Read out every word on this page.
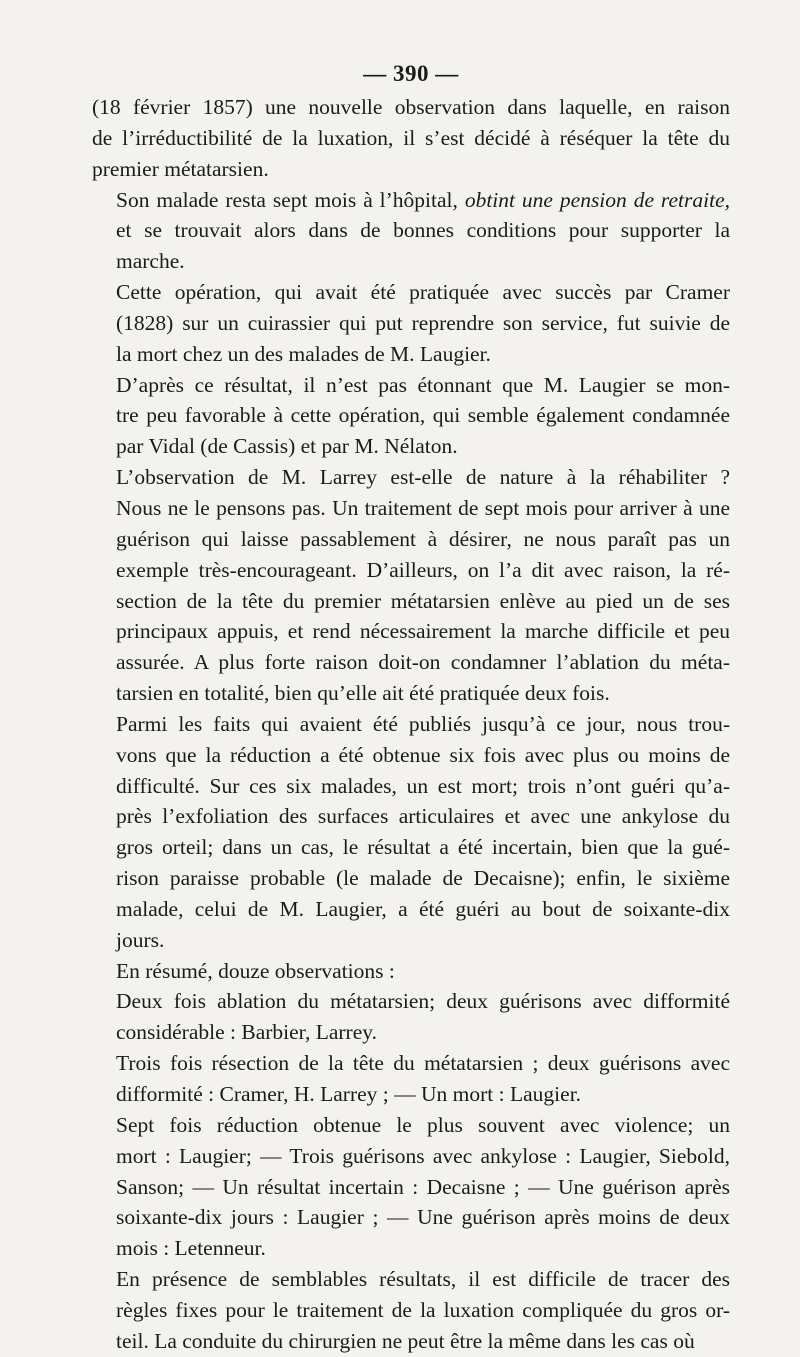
— 390 —

(18 février 1857) une nouvelle observation dans laquelle, en raison
de l’irréductibilité de la luxation, il s’est décidé à réséquer la tête du
premier métatarsien.

Son malade resta sept mois à l’hôpital, obtint une pension de retraite,
et se trouvait alors dans de bonnes conditions pour supporter la
marche.

Cette opération, qui avait été pratiquée avec succès par Cramer
(1828) sur un cuirassier qui put reprendre son service, fut suivie de
la mort chez un des malades de M. Laugier.

D’après ce résultat, il n’est pas étonnant que M. Laugier se mon-
tre peu favorable à cette opération, qui semble également condamnée
par Vidal (de Cassis) et par M. Nélaton.

L’observation de M. Larrey est-elle de nature à la réhabiliter ?
Nous ne le pensons pas. Un traitement de sept mois pour arriver à une
guérison qui laisse passablement à désirer, ne nous paraît pas un
exemple très-encourageant. D’ailleurs, on l’a dit avec raison, la ré-
section de la tête du premier métatarsien enlève au pied un de ses
principaux appuis, et rend nécessairement la marche difficile et peu
assurée. A plus forte raison doit-on condamner l’ablation du méta-
tarsien en totalité, bien qu’elle ait été pratiquée deux fois.

Parmi les faits qui avaient été publiés jusqu’à ce jour, nous trou-
vons que la réduction a été obtenue six fois avec plus ou moins de
difficulté. Sur ces six malades, un est mort; trois n’ont guéri qu’a-
près l’exfoliation des surfaces articulaires et avec une ankylose du
gros orteil; dans un cas, le résultat a été incertain, bien que la gué-
rison paraisse probable (le malade de Decaisne); enfin, le sixième
malade, celui de M. Laugier, a été guéri au bout de soixante-dix
jours.

En résumé, douze observations :

Deux fois ablation du métatarsien; deux guérisons avec difformité
considérable : Barbier, Larrey.

Trois fois résection de la tête du métatarsien ; deux guérisons avec
difformité : Cramer, H. Larrey ; — Un mort : Laugier.

Sept fois réduction obtenue le plus souvent avec violence; un
mort : Laugier; — Trois guérisons avec ankylose : Laugier, Siebold,
Sanson; — Un résultat incertain : Decaisne ; — Une guérison après
soixante-dix jours : Laugier ; — Une guérison après moins de deux
mois : Letenneur.

En présence de semblables résultats, il est difficile de tracer des
règles fixes pour le traitement de la luxation compliquée du gros or-
teil. La conduite du chirurgien ne peut être la même dans les cas où
